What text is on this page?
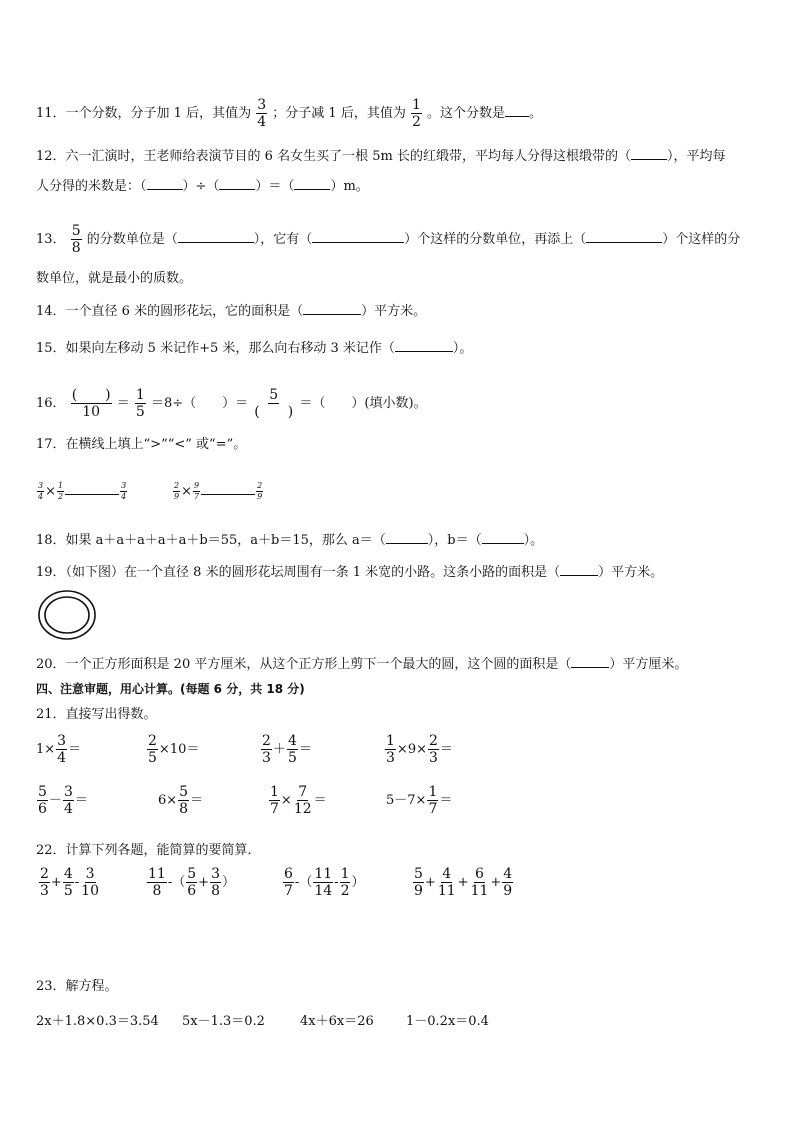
11．一个分数，分子加 1 后，其值为 $\frac{3}{4}$ ；分子减 1 后，其值为 $\frac{1}{2}$ 。这个分数是 。
12．六一汇演时，王老师给表演节目的 6 名女生买了一根 5m 长的红缎带，平均每人分得这根缎带的（	），平均每
人分得的米数是：（	）÷（	）＝（	）m。
13． $\frac{5}{8}$ 的分数单位是（	），它有（	）个这样的分数单位，再添上（	）个这样的分
数单位，就是最小的质数。
14．一个直径 6 米的圆形花坛，它的面积是（	）平方米。
15．如果向左移动 5 米记作+5 米，那么向右移动 3 米记作（	）。
16． $\frac{( )}{10} = \frac{1}{5} =8\div$（　　）＝ $\frac{5}{( )}$ ＝（　　）(填小数)。
17．在横线上填上“>”“<” 或“=”。
$\frac{3}{4} \times \frac{1}{2}$	$\frac{3}{4}$	$\frac{2}{9} \times \frac{9}{7}$	$\frac{2}{9}$
18．如果 a＋a＋a＋a＋a＋b＝55，a＋b＝15，那么 a＝（	），b＝（	）。
19．（如下图）在一个直径 8 米的圆形花坛周围有一条 1 米宽的小路。这条小路的面积是（	）平方米。
20．一个正方形面积是 20 平方厘米，从这个正方形上剪下一个最大的圆，这个圆的面积是（	）平方厘米。
四、注意审题，用心计算。(每题 6 分，共 18 分)
21．直接写出得数。
$1\times \frac{3}{4}$ ＝	$\frac{2}{5} \times 10=$	$\frac{2}{3} + \frac{4}{5}$ ＝	$\frac{1}{3} \times 9\times \frac{2}{3}$ ＝
$\frac{5}{6} - \frac{3}{4}$ ＝	$6\times \frac{5}{8}$ ＝	$\frac{1}{7} \times \frac{7}{12}$ ＝	$5-7\times \frac{1}{7}$ ＝
22．计算下列各题，能简算的要简算．
$\frac{2}{3} + \frac{4}{5} - \frac{3}{10}$	$\frac{11}{8}$ -（ $\frac{5}{6} + \frac{3}{8}$ ）	$\frac{6}{7}$ -（ $\frac{11}{14} - \frac{1}{2}$ ）	$\frac{5}{9} + \frac{4}{11} + \frac{6}{11} + \frac{4}{9}$
23．解方程。
2x＋1.8×0.3＝3.54 5x－1.3＝0.2	4x＋6x＝26 1－0.2x＝0.4
